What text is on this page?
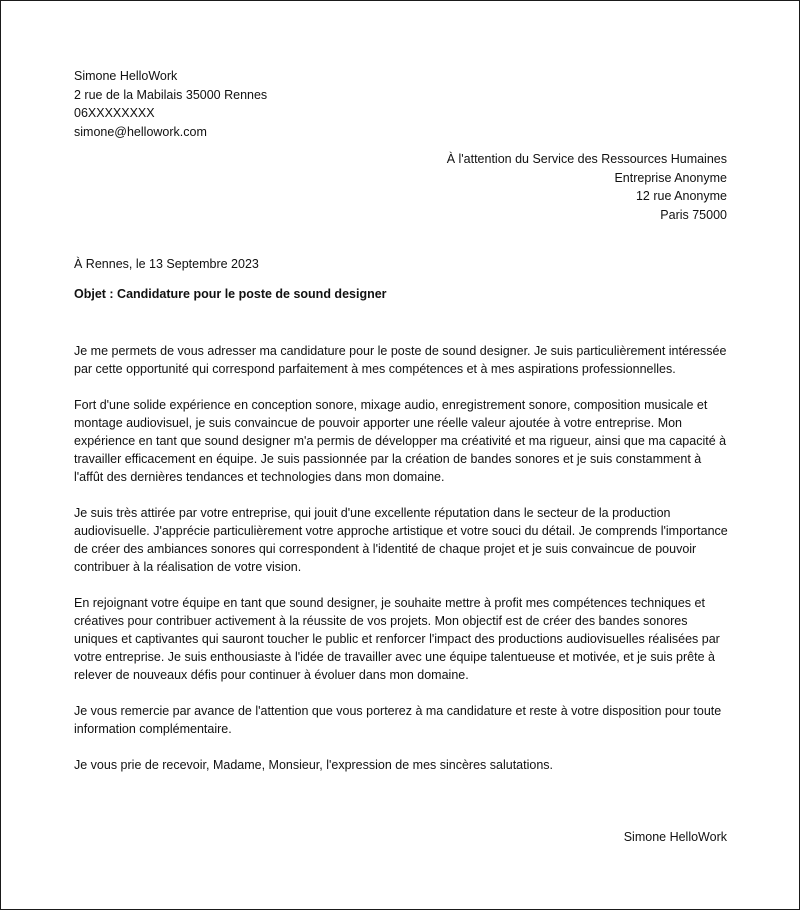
Simone HelloWork
2 rue de la Mabilais 35000 Rennes
06XXXXXXXX
simone@hellowork.com
À l'attention du Service des Ressources Humaines
Entreprise Anonyme
12 rue Anonyme
Paris 75000
À Rennes, le 13 Septembre 2023
Objet : Candidature pour le poste de sound designer

Je me permets de vous adresser ma candidature pour le poste de sound designer. Je suis particulièrement intéressée par cette opportunité qui correspond parfaitement à mes compétences et à mes aspirations professionnelles.

Fort d'une solide expérience en conception sonore, mixage audio, enregistrement sonore, composition musicale et montage audiovisuel, je suis convaincue de pouvoir apporter une réelle valeur ajoutée à votre entreprise. Mon expérience en tant que sound designer m'a permis de développer ma créativité et ma rigueur, ainsi que ma capacité à travailler efficacement en équipe. Je suis passionnée par la création de bandes sonores et je suis constamment à l'affût des dernières tendances et technologies dans mon domaine.

Je suis très attirée par votre entreprise, qui jouit d'une excellente réputation dans le secteur de la production audiovisuelle. J'apprécie particulièrement votre approche artistique et votre souci du détail. Je comprends l'importance de créer des ambiances sonores qui correspondent à l'identité de chaque projet et je suis convaincue de pouvoir contribuer à la réalisation de votre vision.

En rejoignant votre équipe en tant que sound designer, je souhaite mettre à profit mes compétences techniques et créatives pour contribuer activement à la réussite de vos projets. Mon objectif est de créer des bandes sonores uniques et captivantes qui sauront toucher le public et renforcer l'impact des productions audiovisuelles réalisées par votre entreprise. Je suis enthousiaste à l'idée de travailler avec une équipe talentueuse et motivée, et je suis prête à relever de nouveaux défis pour continuer à évoluer dans mon domaine.

Je vous remercie par avance de l'attention que vous porterez à ma candidature et reste à votre disposition pour toute information complémentaire.

Je vous prie de recevoir, Madame, Monsieur, l'expression de mes sincères salutations.

Simone HelloWork
